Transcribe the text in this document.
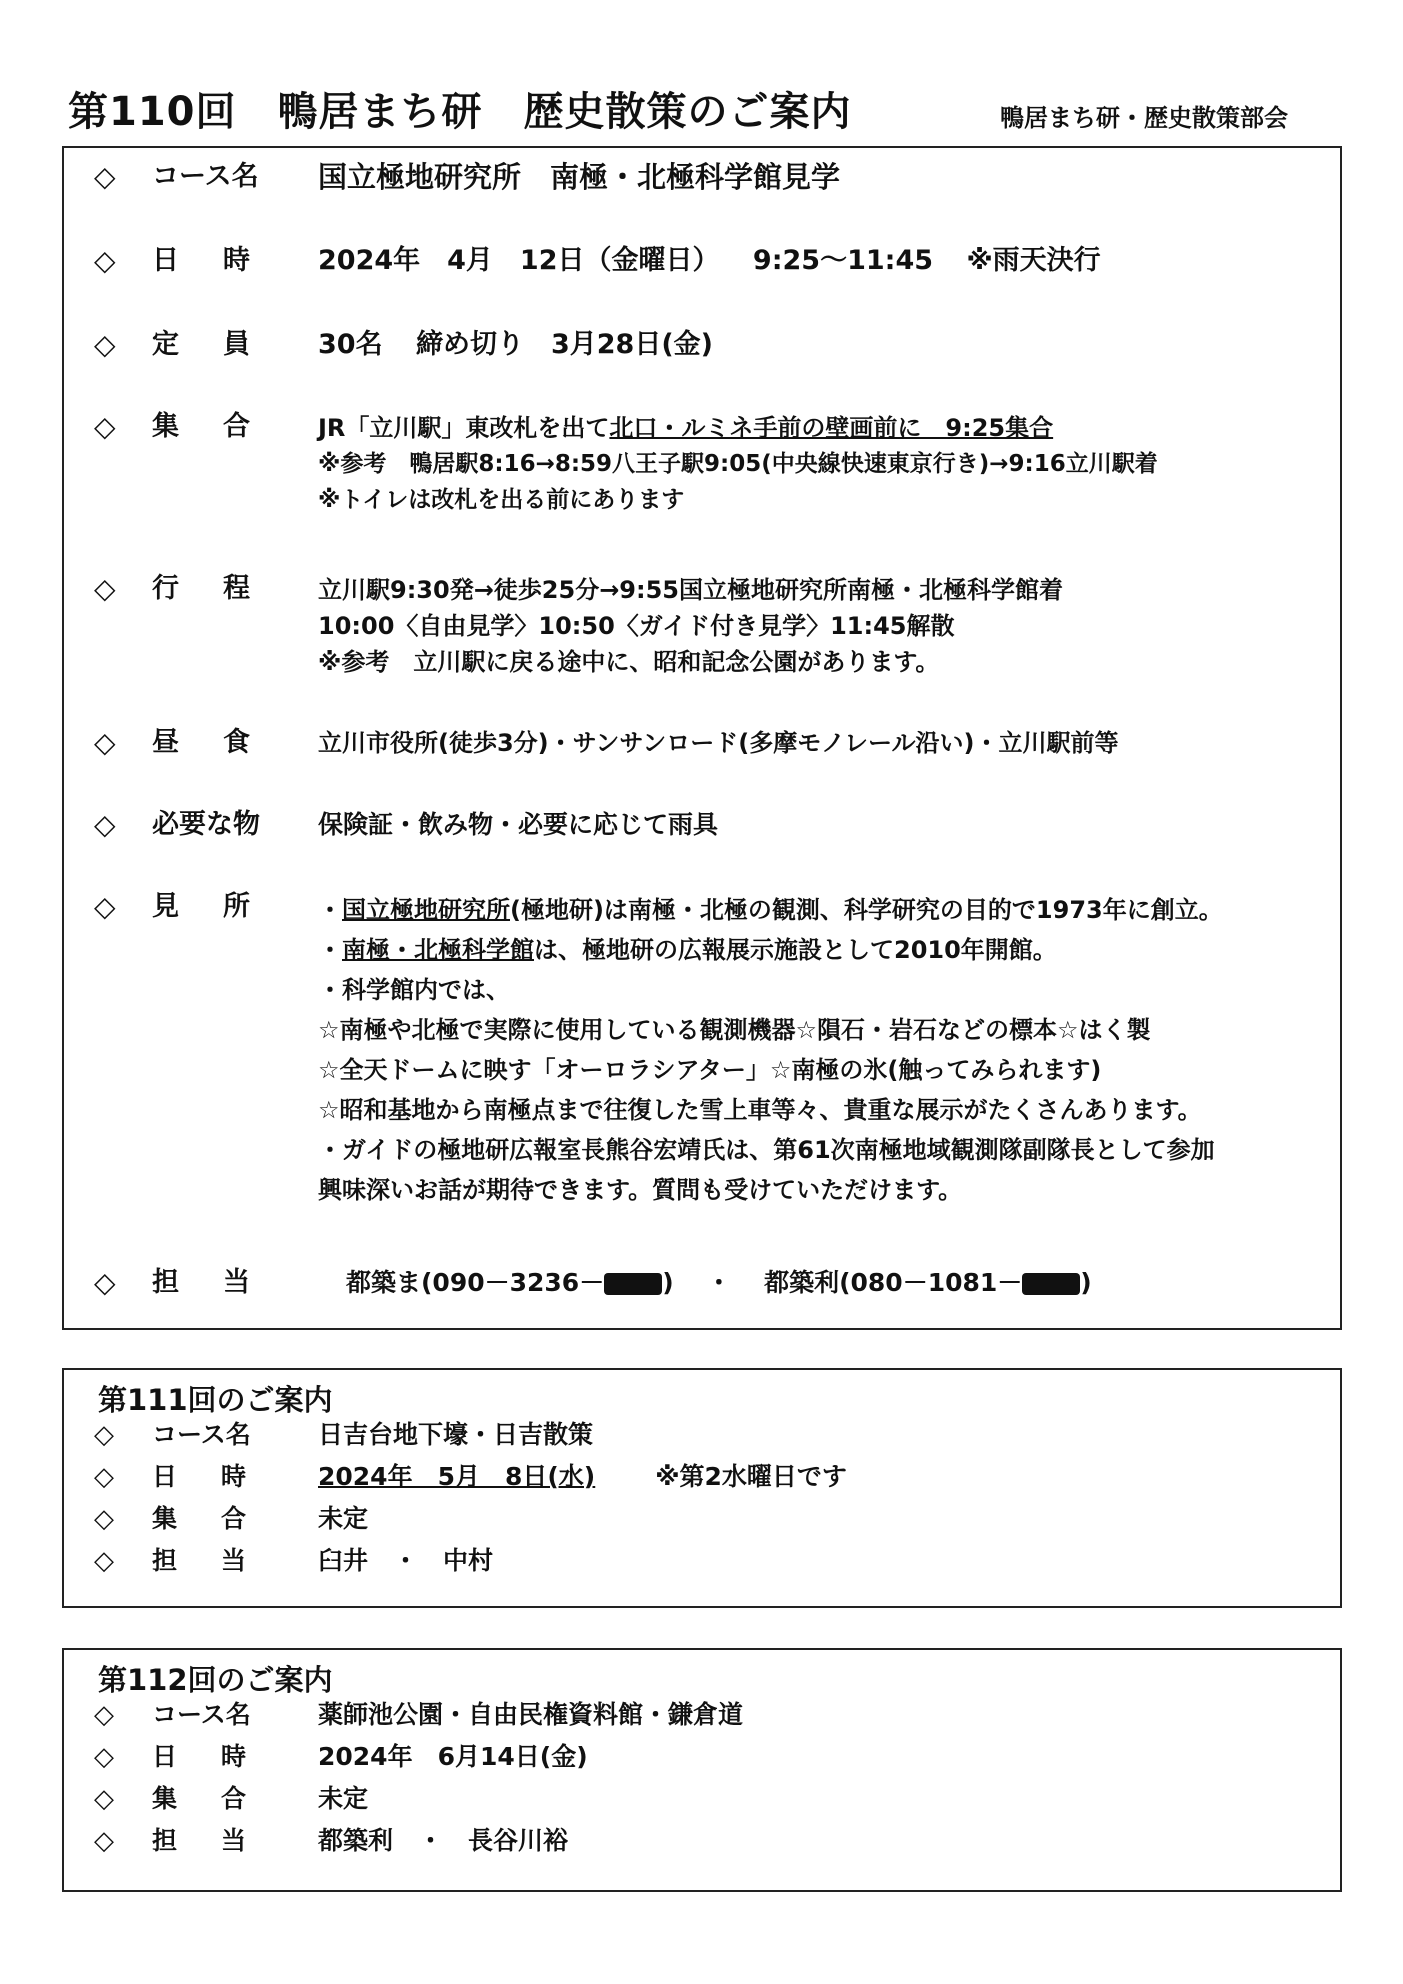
第110回　鴨居まち研　歴史散策のご案内	鴨居まち研・歴史散策部会
◇ コース名 国立極地研究所　南極・北極科学館見学
◇ 日時 2024年　4月　12日（金曜日） 9:25～11:45 ※雨天決行
◇ 定員 30名 締め切り　3月28日(金)
◇ 集合 JR「立川駅」東改札を出て北口・ルミネ手前の壁画前に　9:25集合
※参考　鴨居駅8:16→8:59八王子駅9:05(中央線快速東京行き)→9:16立川駅着
※トイレは改札を出る前にあります
◇ 行程 立川駅9:30発→徒歩25分→9:55国立極地研究所南極・北極科学館着
10:00〈自由見学〉10:50〈ガイド付き見学〉11:45解散
※参考　立川駅に戻る途中に、昭和記念公園があります。
◇ 昼食 立川市役所(徒歩3分)・サンサンロード(多摩モノレール沿い)・立川駅前等
◇ 必要な物 保険証・飲み物・必要に応じて雨具
◇ 見所 ・国立極地研究所(極地研)は南極・北極の観測、科学研究の目的で1973年に創立。
・南極・北極科学館は、極地研の広報展示施設として2010年開館。
・科学館内では、
☆南極や北極で実際に使用している観測機器☆隕石・岩石などの標本☆はく製
☆全天ドームに映す「オーロラシアター」☆南極の氷(触ってみられます)
☆昭和基地から南極点まで往復した雪上車等々、貴重な展示がたくさんあります。
・ガイドの極地研広報室長熊谷宏靖氏は、第61次南極地域観測隊副隊長として参加
興味深いお話が期待できます。質問も受けていただけます。
◇ 担当 都築ま(090－3236－ ) ・ 都築利(080－1081－ )
第111回のご案内
◇ コース名	日吉台地下壕・日吉散策
◇ 日時 2024年　5月　8日(水) ※第2水曜日です
◇ 集合 未定
◇ 担当 臼井　・　中村
第112回のご案内
◇ コース名	薬師池公園・自由民権資料館・鎌倉道
◇ 日時 2024年　6月14日(金)
◇ 集合 未定
◇ 担当 都築利　・　長谷川裕
